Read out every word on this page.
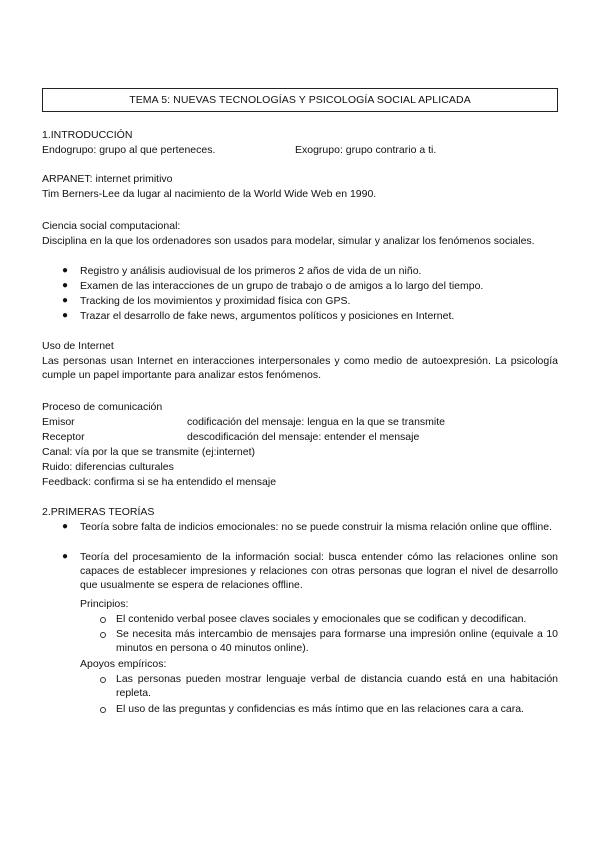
TEMA 5: NUEVAS TECNOLOGÍAS Y PSICOLOGÍA SOCIAL APLICADA
1.INTRODUCCIÓN
Endogrupo: grupo al que perteneces.	Exogrupo: grupo contrario a ti.
ARPANET: internet primitivo
Tim Berners-Lee da lugar al nacimiento de la World Wide Web en 1990.
Ciencia social computacional:
Disciplina en la que los ordenadores son usados para modelar, simular y analizar los fenómenos sociales.
● Registro y análisis audiovisual de los primeros 2 años de vida de un niño.
● Examen de las interacciones de un grupo de trabajo o de amigos a lo largo del tiempo.
● Tracking de los movimientos y proximidad física con GPS.
● Trazar el desarrollo de fake news, argumentos políticos y posiciones en Internet.
Uso de Internet
Las personas usan Internet en interacciones interpersonales y como medio de autoexpresión. La psicología cumple un papel importante para analizar estos fenómenos.
Proceso de comunicación
Emisor	codificación del mensaje: lengua en la que se transmite
Receptor	descodificación del mensaje: entender el mensaje
Canal: vía por la que se transmite (ej:internet)
Ruido: diferencias culturales
Feedback: confirma si se ha entendido el mensaje
2.PRIMERAS TEORÍAS
● Teoría sobre falta de indicios emocionales: no se puede construir la misma relación online que offline.
● Teoría del procesamiento de la información social: busca entender cómo las relaciones online son capaces de establecer impresiones y relaciones con otras personas que logran el nivel de desarrollo que usualmente se espera de relaciones offline.
Principios:
El contenido verbal posee claves sociales y emocionales que se codifican y decodifican.
Se necesita más intercambio de mensajes para formarse una impresión online (equivale a 10 minutos en persona o 40 minutos online).
Apoyos empíricos:
Las personas pueden mostrar lenguaje verbal de distancia cuando está en una habitación repleta.
El uso de las preguntas y confidencias es más íntimo que en las relaciones cara a cara.
